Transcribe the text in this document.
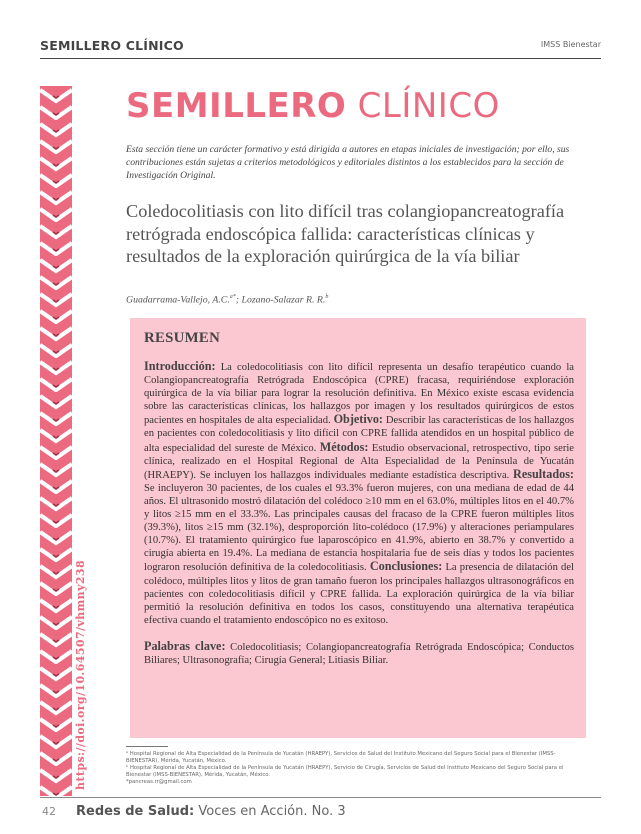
SEMILLERO CLÍNICO	IMSS Bienestar
https://doi.org/10.64507/vhmny238
SEMILLERO CLÍNICO
Esta sección tiene un carácter formativo y está dirigida a autores en etapas iniciales de investigación; por ello, sus contribuciones están sujetas a criterios metodológicos y editoriales distintos a los establecidos para la sección de Investigación Original.
Coledocolitiasis con lito difícil tras colangiopancreatografía retrógrada endoscópica fallida: características clínicas y resultados de la exploración quirúrgica de la vía biliar
Guadarrama-Vallejo, A.C.$^{a*}$; Lozano-Salazar R. R.$^b$
RESUMEN
Introducción: La coledocolitiasis con lito difícil representa un desafío terapéutico cuando la Colangiopancreatografía Retrógrada Endoscópica (CPRE) fracasa, requiriéndose exploración quirúrgica de la vía biliar para lograr la resolución definitiva. En México existe escasa evidencia sobre las características clínicas, los hallazgos por imagen y los resultados quirúrgicos de estos pacientes en hospitales de alta especialidad. Objetivo: Describir las características de los hallazgos en pacientes con coledocolitiasis y lito difícil con CPRE fallida atendidos en un hospital público de alta especialidad del sureste de México. Métodos: Estudio observacional, retrospectivo, tipo serie clínica, realizado en el Hospital Regional de Alta Especialidad de la Península de Yucatán (HRAEPY). Se incluyen los hallazgos individuales mediante estadística descriptiva. Resultados: Se incluyeron 30 pacientes, de los cuales el 93.3% fueron mujeres, con una mediana de edad de 44 años. El ultrasonido mostró dilatación del colédoco ≥10 mm en el 63.0%, múltiples litos en el 40.7% y litos ≥15 mm en el 33.3%. Las principales causas del fracaso de la CPRE fueron múltiples litos (39.3%), litos ≥15 mm (32.1%), desproporción lito-colédoco (17.9%) y alteraciones periampulares (10.7%). El tratamiento quirúrgico fue laparoscópico en 41.9%, abierto en 38.7% y convertido a cirugía abierta en 19.4%. La mediana de estancia hospitalaria fue de seis días y todos los pacientes lograron resolución definitiva de la coledocolitiasis. Conclusiones: La presencia de dilatación del colédoco, múltiples litos y litos de gran tamaño fueron los principales hallazgos ultrasonográficos en pacientes con coledocolitiasis difícil y CPRE fallida. La exploración quirúrgica de la vía biliar permitió la resolución definitiva en todos los casos, constituyendo una alternativa terapéutica efectiva cuando el tratamiento endoscópico no es exitoso.
Palabras clave: Coledocolitiasis; Colangiopancreatografía Retrógrada Endoscópica; Conductos Biliares; Ultrasonografía; Cirugía General; Litiasis Biliar.
ᵃ Hospital Regional de Alta Especialidad de la Península de Yucatán (HRAEPY), Servicios de Salud del Instituto Mexicano del Seguro Social para el Bienestar (IMSS-BIENESTAR), Mérida, Yucatán, México.
ᵇ Hospital Regional de Alta Especialidad de la Península de Yucatán (HRAEPY), Servicio de Cirugía, Servicios de Salud del Instituto Mexicano del Seguro Social para el Bienestar (IMSS-BIENESTAR), Mérida, Yucatán, México.
*pancreas.rr@gmail.com
42 Redes de Salud: Voces en Acción. No. 3
